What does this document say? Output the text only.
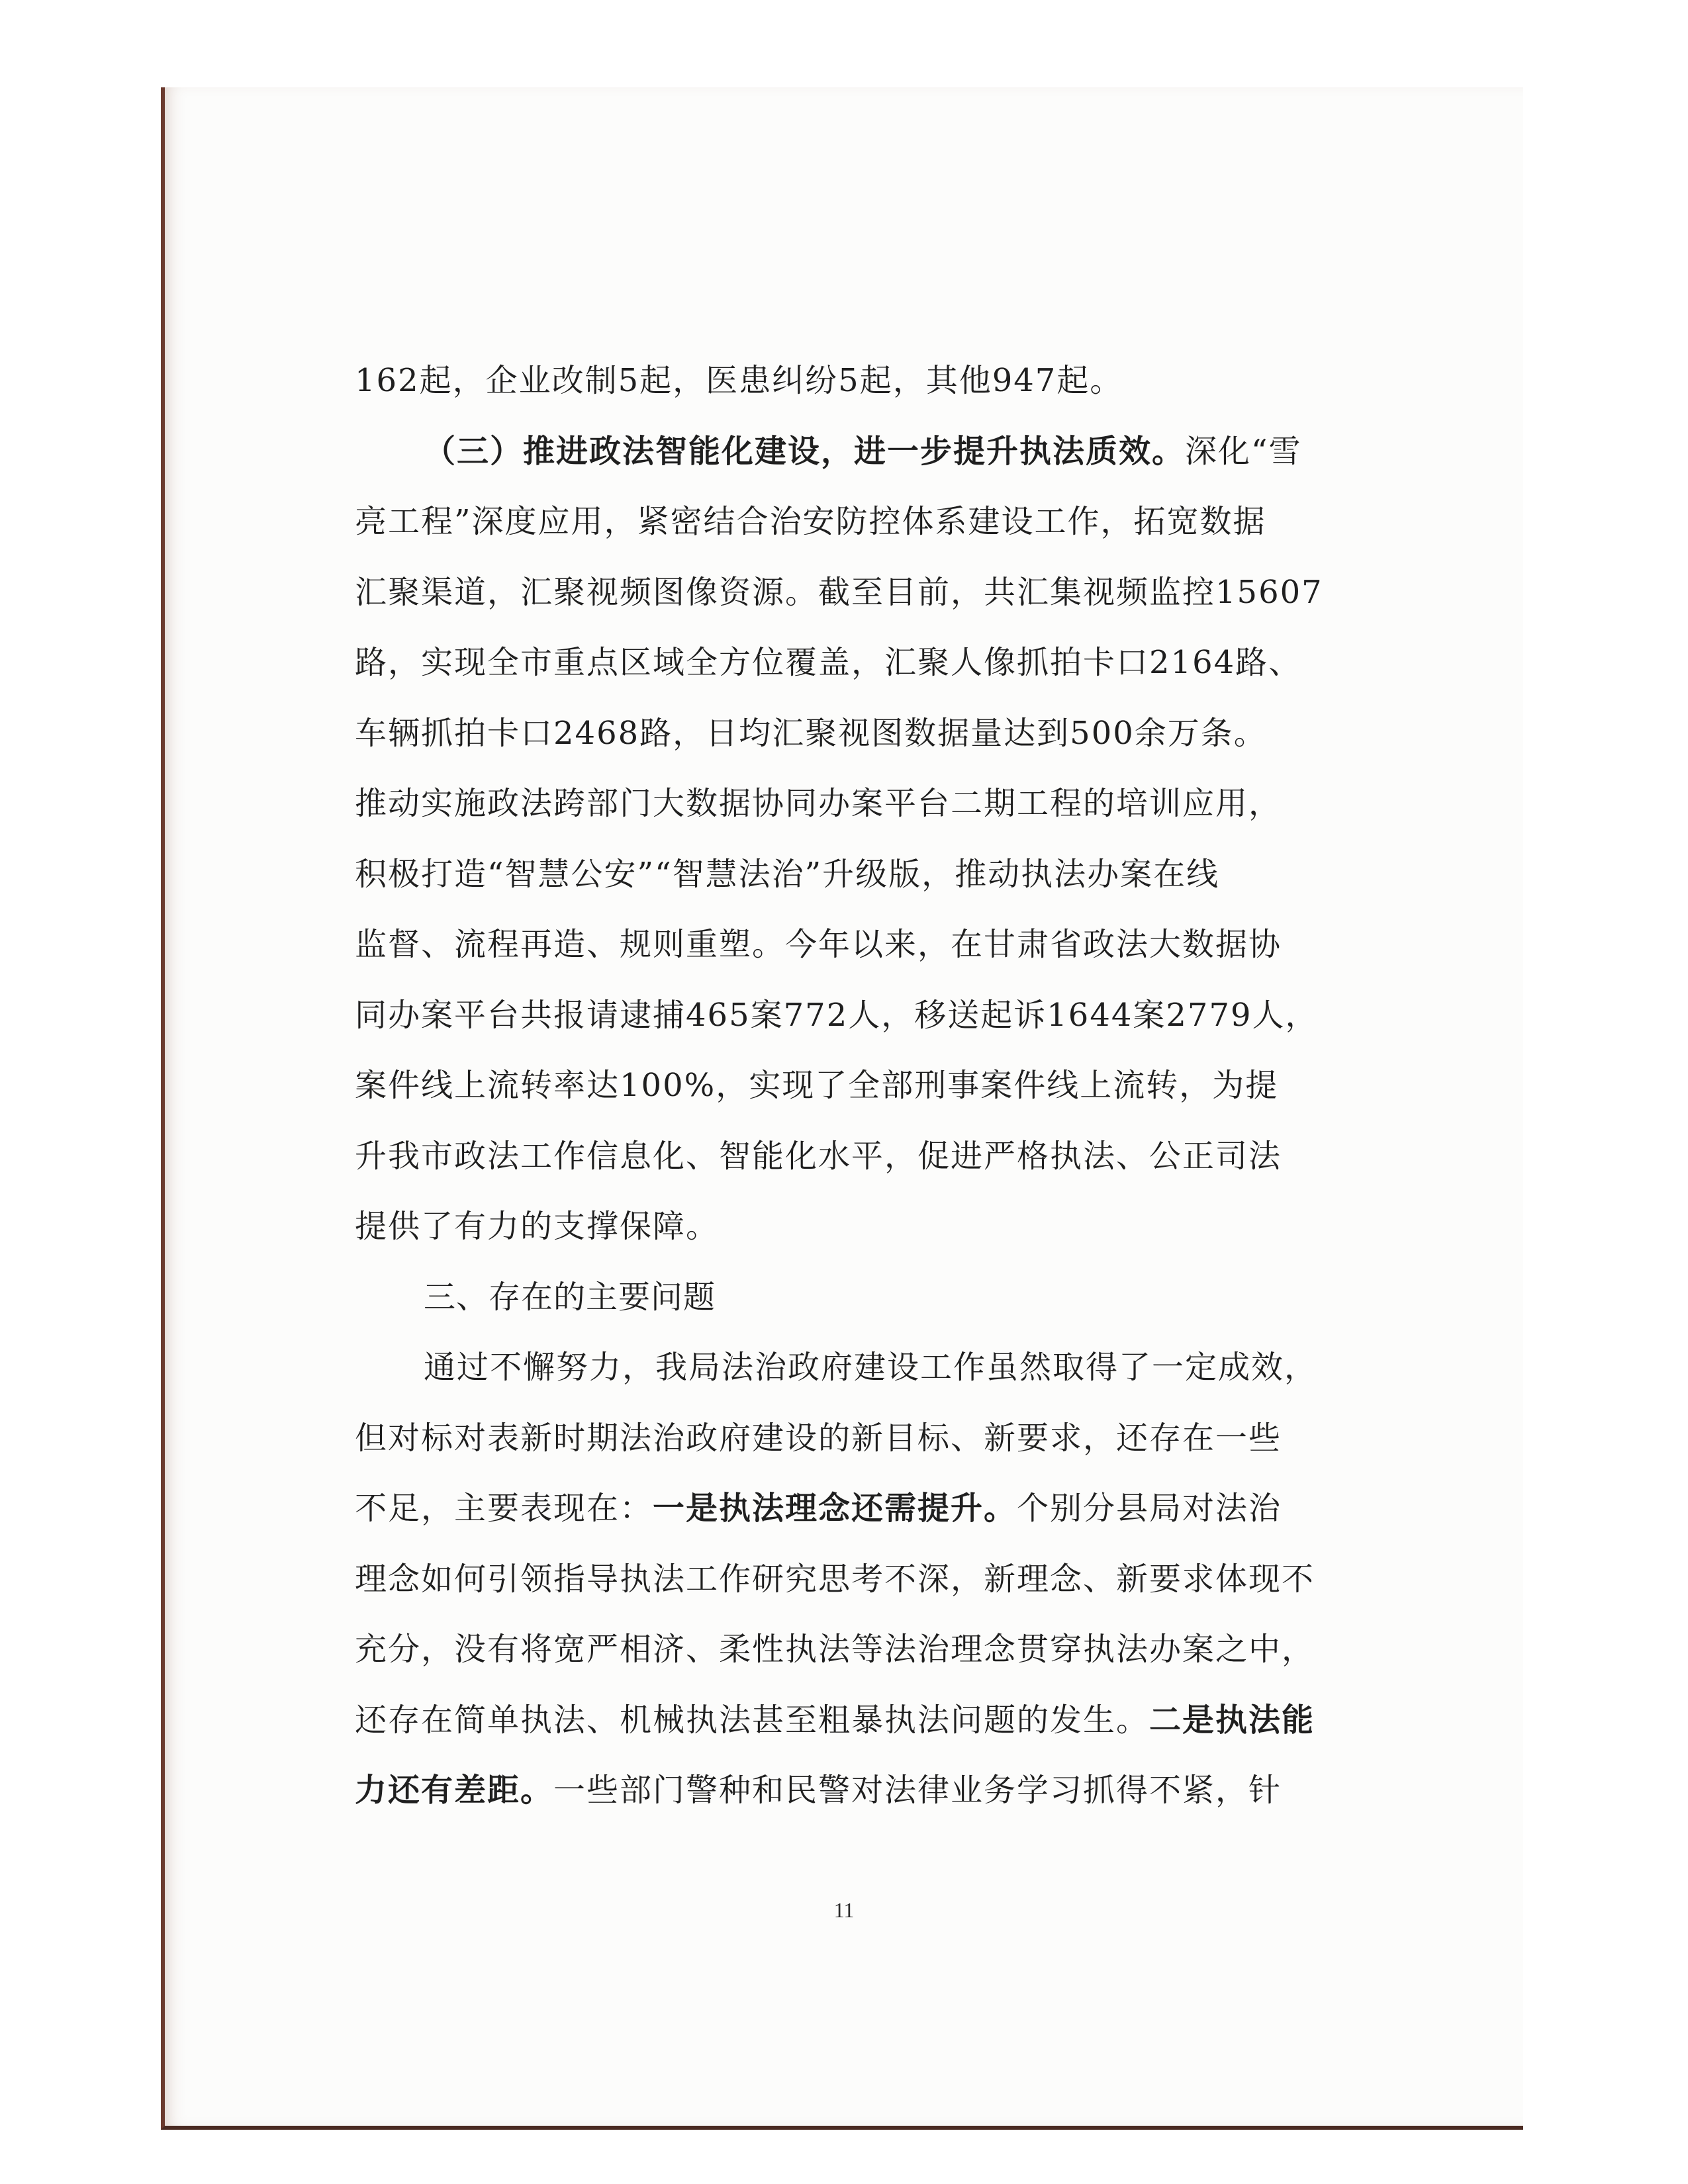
162起，企业改制5起，医患纠纷5起，其他947起。
（三）推进政法智能化建设，进一步提升执法质效。深化“雪
亮工程”深度应用，紧密结合治安防控体系建设工作，拓宽数据
汇聚渠道，汇聚视频图像资源。截至目前，共汇集视频监控15607
路，实现全市重点区域全方位覆盖，汇聚人像抓拍卡口2164路、
车辆抓拍卡口2468路，日均汇聚视图数据量达到500余万条。
推动实施政法跨部门大数据协同办案平台二期工程的培训应用，
积极打造“智慧公安”“智慧法治”升级版，推动执法办案在线
监督、流程再造、规则重塑。今年以来，在甘肃省政法大数据协
同办案平台共报请逮捕465案772人，移送起诉1644案2779人，
案件线上流转率达100%，实现了全部刑事案件线上流转，为提
升我市政法工作信息化、智能化水平，促进严格执法、公正司法
提供了有力的支撑保障。
三、存在的主要问题
通过不懈努力，我局法治政府建设工作虽然取得了一定成效，
但对标对表新时期法治政府建设的新目标、新要求，还存在一些
不足，主要表现在：一是执法理念还需提升。个别分县局对法治
理念如何引领指导执法工作研究思考不深，新理念、新要求体现不
充分，没有将宽严相济、柔性执法等法治理念贯穿执法办案之中，
还存在简单执法、机械执法甚至粗暴执法问题的发生。二是执法能
力还有差距。一些部门警种和民警对法律业务学习抓得不紧，针
11
